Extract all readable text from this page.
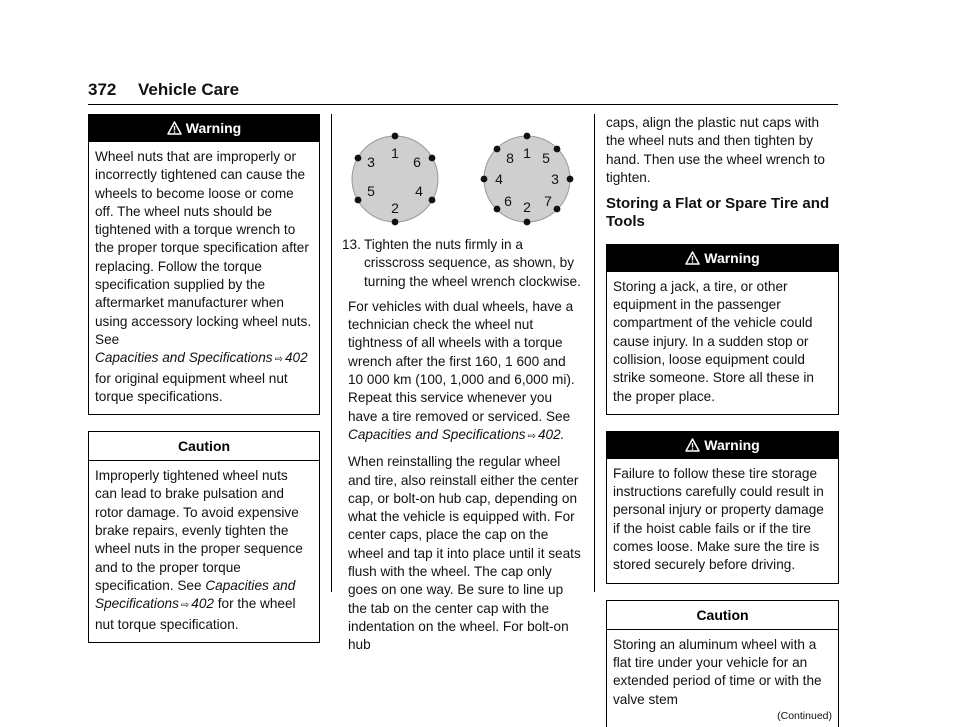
372 Vehicle Care
Warning
Wheel nuts that are improperly or incorrectly tightened can cause the wheels to become loose or come off. The wheel nuts should be tightened with a torque wrench to the proper torque specification after replacing. Follow the torque specification supplied by the aftermarket manufacturer when using accessory locking wheel nuts. See
Capacities and Specifications ⇨ 402 for original equipment wheel nut torque specifications.
Caution
Improperly tightened wheel nuts can lead to brake pulsation and rotor damage. To avoid expensive brake repairs, evenly tighten the wheel nuts in the proper sequence and to the proper torque specification. See Capacities and Specifications ⇨ 402 for the wheel nut torque specification.
1
2
3
4
5
6
1
2
3
4
5
6 7
8
13. Tighten the nuts firmly in a crisscross sequence, as shown, by turning the wheel wrench clockwise.

For vehicles with dual wheels, have a technician check the wheel nut tightness of all wheels with a torque wrench after the first 160, 1 600 and 10 000 km (100, 1,000 and 6,000 mi). Repeat this service whenever you have a tire removed or serviced. See Capacities and Specifications ⇨ 402.

When reinstalling the regular wheel and tire, also reinstall either the center cap, or bolt-on hub cap, depending on what the vehicle is equipped with. For center caps, place the cap on the wheel and tap it into place until it seats flush with the wheel. The cap only goes on one way. Be sure to line up the tab on the center cap with the indentation on the wheel. For bolt-on hub

caps, align the plastic nut caps with the wheel nuts and then tighten by hand. Then use the wheel wrench to tighten.

Storing a Flat or Spare Tire and Tools
Warning
Storing a jack, a tire, or other equipment in the passenger compartment of the vehicle could cause injury. In a sudden stop or collision, loose equipment could strike someone. Store all these in the proper place.
Warning
Failure to follow these tire storage instructions carefully could result in personal injury or property damage if the hoist cable fails or if the tire comes loose. Make sure the tire is stored securely before driving.
Caution
Storing an aluminum wheel with a flat tire under your vehicle for an extended period of time or with the valve stem
(Continued)
